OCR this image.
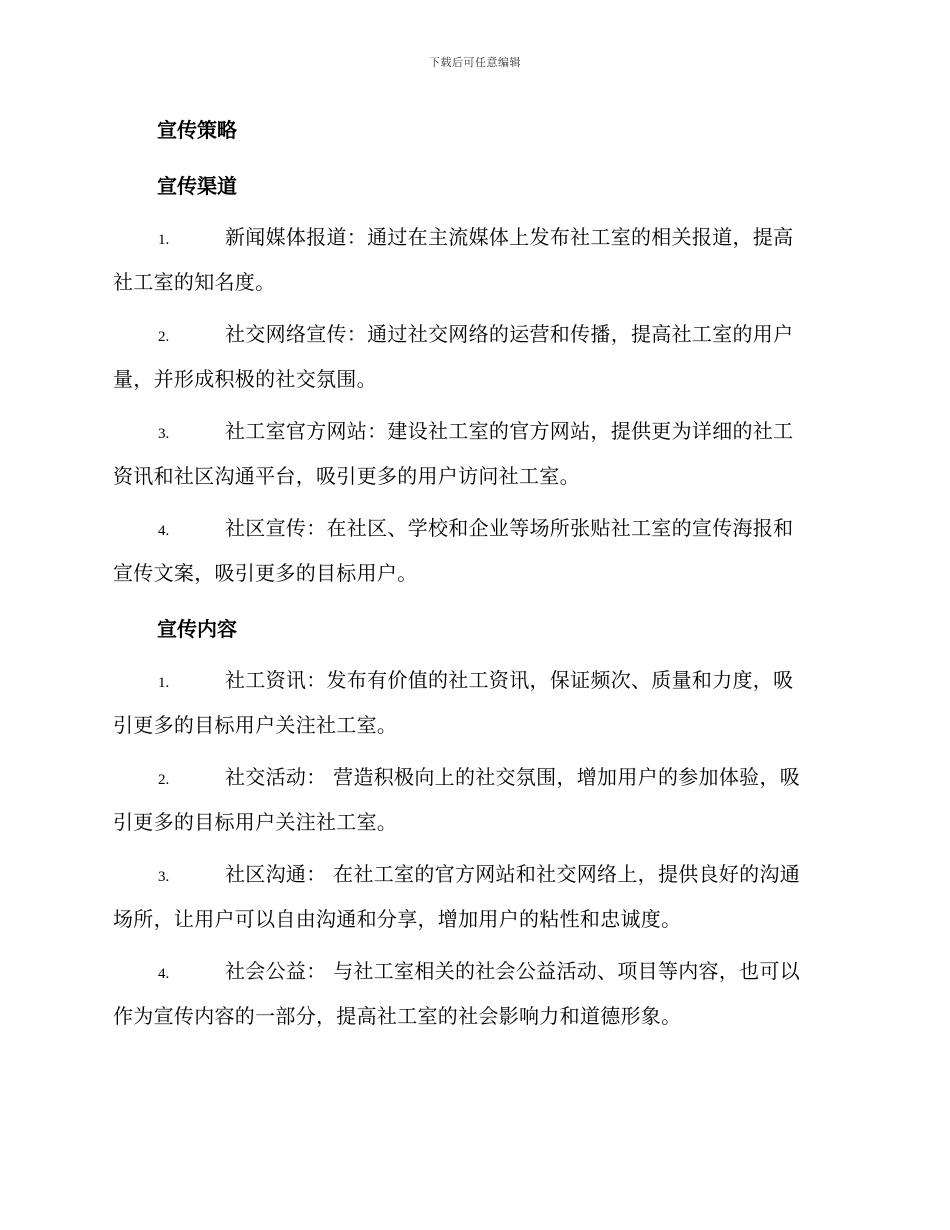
下载后可任意编辑
宣传策略
宣传渠道
1.	新闻媒体报道：通过在主流媒体上发布社工室的相关报道，提高
社工室的知名度。
2.	社交网络宣传：通过社交网络的运营和传播，提高社工室的用户
量，并形成积极的社交氛围。
3.	社工室官方网站：建设社工室的官方网站，提供更为详细的社工
资讯和社区沟通平台，吸引更多的用户访问社工室。
4.	社区宣传：在社区、学校和企业等场所张贴社工室的宣传海报和
宣传文案，吸引更多的目标用户。
宣传内容
1.	社工资讯：发布有价值的社工资讯，保证频次、质量和力度，吸
引更多的目标用户关注社工室。
2.	社交活动： 营造积极向上的社交氛围，增加用户的参加体验，吸
引更多的目标用户关注社工室。
3.	社区沟通： 在社工室的官方网站和社交网络上，提供良好的沟通
场所，让用户可以自由沟通和分享，增加用户的粘性和忠诚度。
4.	社会公益： 与社工室相关的社会公益活动、项目等内容，也可以
作为宣传内容的一部分，提高社工室的社会影响力和道德形象。
